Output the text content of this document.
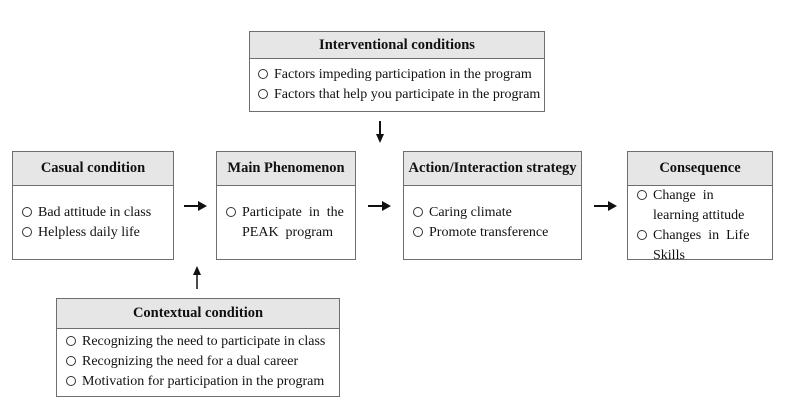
Interventional conditions
Factors impeding participation in the program
Factors that help you participate in the program
Casual condition
Bad attitude in class
Helpless daily life
Main Phenomenon
Participate  in  the PEAK  program
Action/Interaction strategy
Caring climate
Promote transference
Consequence
Change  in  learning attitude
Changes  in  Life Skills
Contextual condition
Recognizing the need to participate in class
Recognizing the need for a dual career
Motivation for participation in the program
